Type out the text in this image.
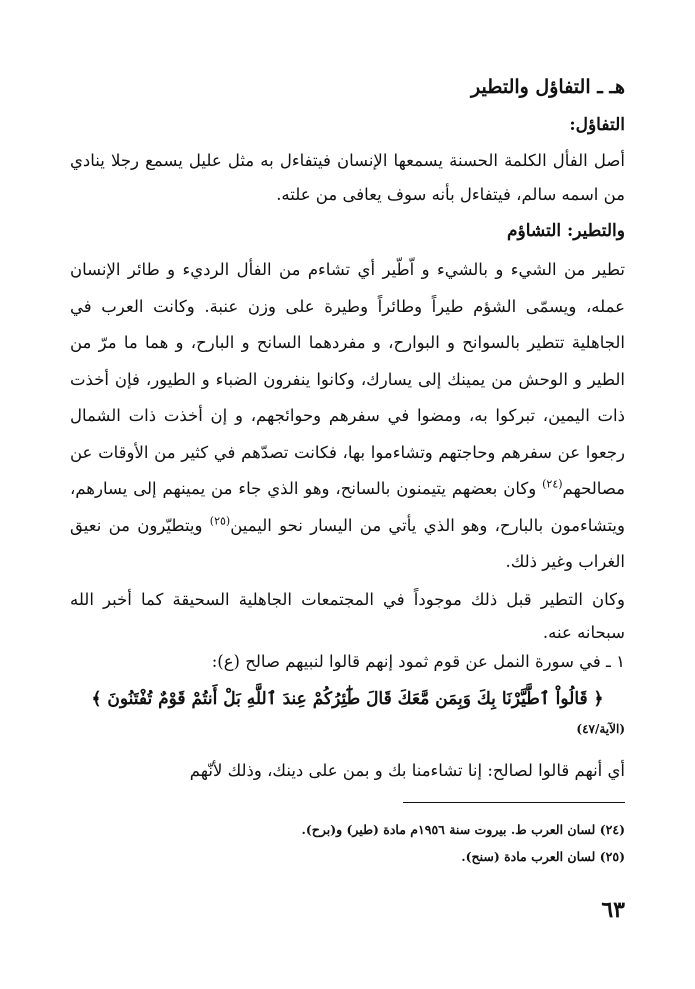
هـ ـ التفاؤل والتطير
التفاؤل:
أصل الفأل الكلمة الحسنة يسمعها الإنسان فيتفاءل به مثل عليل يسمع رجلا ينادي من اسمه سالم، فيتفاءل بأنه سوف يعافى من علته.
والتطير: التشاؤم
تطير من الشيء و بالشيء و اّطّير أي تشاءم من الفأل الرديء و طائر الإنسان عمله، ويسمّى الشؤم طيراً وطائراً وطيرة على وزن عنبة. وكانت العرب في الجاهلية تتطير بالسوانح و البوارح، و مفردهما السانح و البارح، و هما ما مرّ من الطير و الوحش من يمينك إلى يسارك، وكانوا ينفرون الضباء و الطيور، فإن أخذت ذات اليمين، تبركوا به، ومضوا في سفرهم وحوائجهم، و إن أخذت ذات الشمال رجعوا عن سفرهم وحاجتهم وتشاءموا بها، فكانت تصدّهم في كثير من الأوقات عن مصالحهم$^{(٢٤)}$ وكان بعضهم يتيمنون بالسانح، وهو الذي جاء من يمينهم إلى يسارهم، ويتشاءمون بالبارح، وهو الذي يأتي من اليسار نحو اليمين$^{(٢٥)}$ ويتطيّرون من نعيق الغراب وغير ذلك.
وكان التطير قبل ذلك موجوداً في المجتمعات الجاهلية السحيقة كما أخبر الله سبحانه عنه.
١ ـ في سورة النمل عن قوم ثمود إنهم قالوا لنبيهم صالح (ع):
﴿ قَالُواْ ٱطَّيَّرْنَا بِكَ وَبِمَن مَّعَكَ قَالَ طَٰٓئِرُكُمْ عِندَ ٱللَّهِ بَلْ أَنتُمْ قَوْمٌ تُفْتَنُونَ ﴾
(الآية/٤٧)
أي أنهم قالوا لصالح: إنا تشاءمنا بك و بمن على دينك، وذلك لأنّهم
(٢٤) لسان العرب ط. بيروت سنة ١٩٥٦م مادة (طير) و(برح).
(٢٥) لسان العرب مادة (سنح).
٦٣
